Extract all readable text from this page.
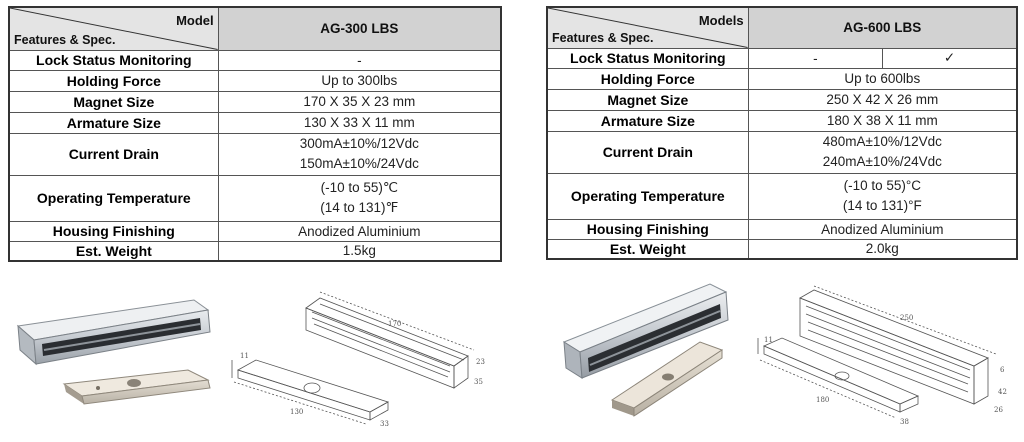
Model
Features & Spec.	AG-300 LBS
Lock Status Monitoring	-
Holding Force	Up to 300lbs
Magnet Size	170 X 35 X 23 mm
Armature Size	130 X 33 X 11 mm
Current Drain	300mA±10%/12Vdc
150mA±10%/24Vdc

Operating Temperature	(-10 to 55)℃
(14 to 131)℉

Housing Finishing	Anodized Aluminium
Est. Weight	1.5kg
Models
Features & Spec.	AG-600 LBS	
Lock Status Monitoring	-	✓
Holding Force	Up to 600lbs	
Magnet Size	250 X 42 X 26 mm	
Armature Size	180 X 38 X 11 mm	
Current Drain	480mA±10%/12Vdc
240mA±10%/24Vdc	

Operating Temperature	(-10 to 55)°C
(14 to 131)°F	

Housing Finishing	Anodized Aluminium	
Est. Weight	2.0kg	
170
23
35
11
130
33
250
6
42
26
11
180
38
